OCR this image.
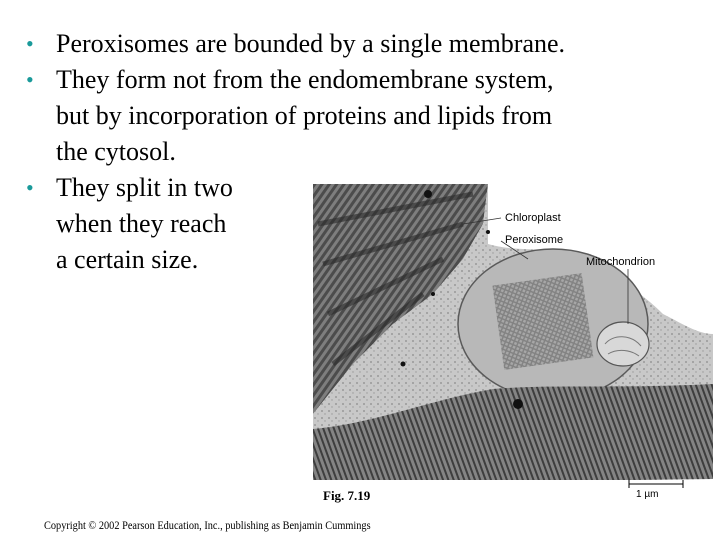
• Peroxisomes are bounded by a single membrane.
• They form not from the endomembrane system,
but by incorporation of proteins and lipids from
the cytosol.
• They split in two
when they reach
a certain size.
Chloroplast
Peroxisome
Mitochondrion
Fig. 7.19	1 µm
Copyright © 2002 Pearson Education, Inc., publishing as Benjamin Cummings
